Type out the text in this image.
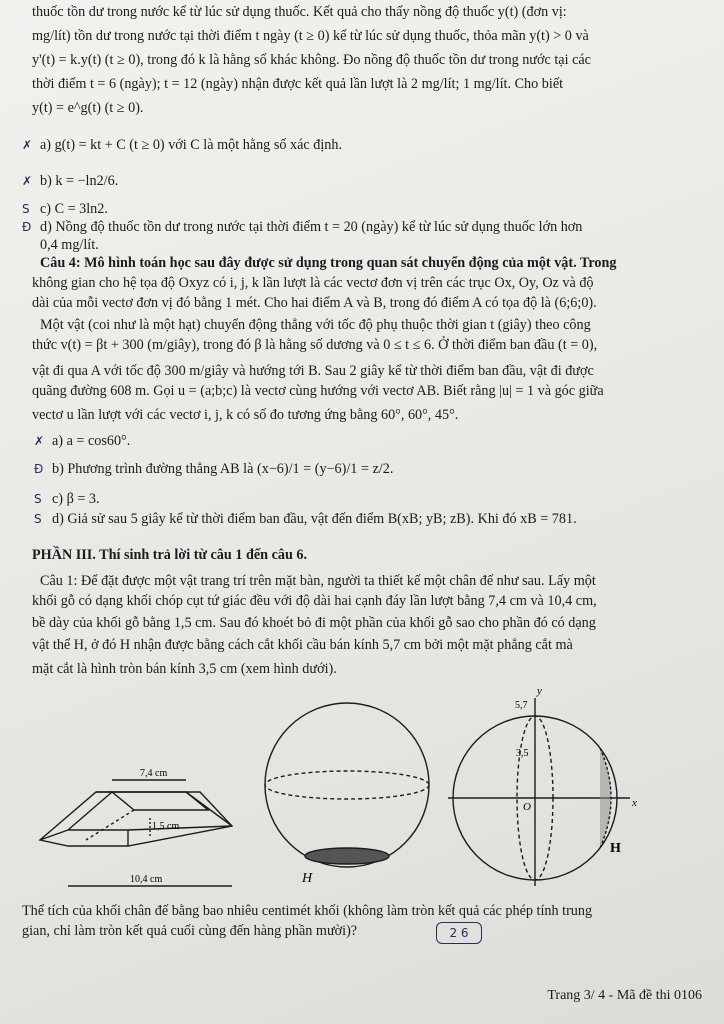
thuốc tồn dư trong nước kể từ lúc sử dụng thuốc. Kết quả cho thấy nồng độ thuốc y(t) (đơn vị:
mg/lít) tồn dư trong nước tại thời điểm t ngày (t ≥ 0) kể từ lúc sử dụng thuốc, thỏa mãn y(t) > 0 và
y'(t) = k.y(t) (t ≥ 0), trong đó k là hằng số khác không. Đo nồng độ thuốc tồn dư trong nước tại các
thời điểm t = 6 (ngày); t = 12 (ngày) nhận được kết quả lần lượt là 2 mg/lít; 1 mg/lít. Cho biết
y(t) = e^g(t) (t ≥ 0).
✗ a) g(t) = kt + C (t ≥ 0) với C là một hằng số xác định.
✗ b) k = −ln2/6.
S c) C = 3ln2.
Đ d) Nồng độ thuốc tồn dư trong nước tại thời điểm t = 20 (ngày) kể từ lúc sử dụng thuốc lớn hơn
0,4 mg/lít.
Câu 4: Mô hình toán học sau đây được sử dụng trong quan sát chuyển động của một vật. Trong
không gian cho hệ tọa độ Oxyz có i, j, k lần lượt là các vectơ đơn vị trên các trục Ox, Oy, Oz và độ
dài của mỗi vectơ đơn vị đó bằng 1 mét. Cho hai điểm A và B, trong đó điểm A có tọa độ là (6;6;0).
Một vật (coi như là một hạt) chuyển động thẳng với tốc độ phụ thuộc thời gian t (giây) theo công
thức v(t) = βt + 300 (m/giây), trong đó β là hằng số dương và 0 ≤ t ≤ 6. Ở thời điểm ban đầu (t = 0),
vật đi qua A với tốc độ 300 m/giây và hướng tới B. Sau 2 giây kể từ thời điểm ban đầu, vật đi được
quãng đường 608 m. Gọi u = (a;b;c) là vectơ cùng hướng với vectơ AB. Biết rằng |u| = 1 và góc giữa
vectơ u lần lượt với các vectơ i, j, k có số đo tương ứng bằng 60°, 60°, 45°.
✗ a) a = cos60°.
Đ b) Phương trình đường thẳng AB là (x−6)/1 = (y−6)/1 = z/2.
S c) β = 3.
S d) Giả sử sau 5 giây kể từ thời điểm ban đầu, vật đến điểm B(xB; yB; zB). Khi đó xB = 781.
PHẦN III. Thí sinh trả lời từ câu 1 đến câu 6.
Câu 1: Để đặt được một vật trang trí trên mặt bàn, người ta thiết kế một chân đế như sau. Lấy một
khối gỗ có dạng khối chóp cụt tứ giác đều với độ dài hai cạnh đáy lần lượt bằng 7,4 cm và 10,4 cm,
bề dày của khối gỗ bằng 1,5 cm. Sau đó khoét bỏ đi một phần của khối gỗ sao cho phần đó có dạng
vật thể H, ở đó H nhận được bằng cách cắt khối cầu bán kính 5,7 cm bởi một mặt phẳng cắt mà
mặt cắt là hình tròn bán kính 3,5 cm (xem hình dưới).
7,4 cm
1,5 cm
10,4 cm	H
y
5,7
3,5
O	x
H
Thể tích của khối chân đế bằng bao nhiêu centimét khối (không làm tròn kết quả các phép tính trung
gian, chỉ làm tròn kết quả cuối cùng đến hàng phần mười)?	2 6
Trang 3/ 4 - Mã đề thi 0106
